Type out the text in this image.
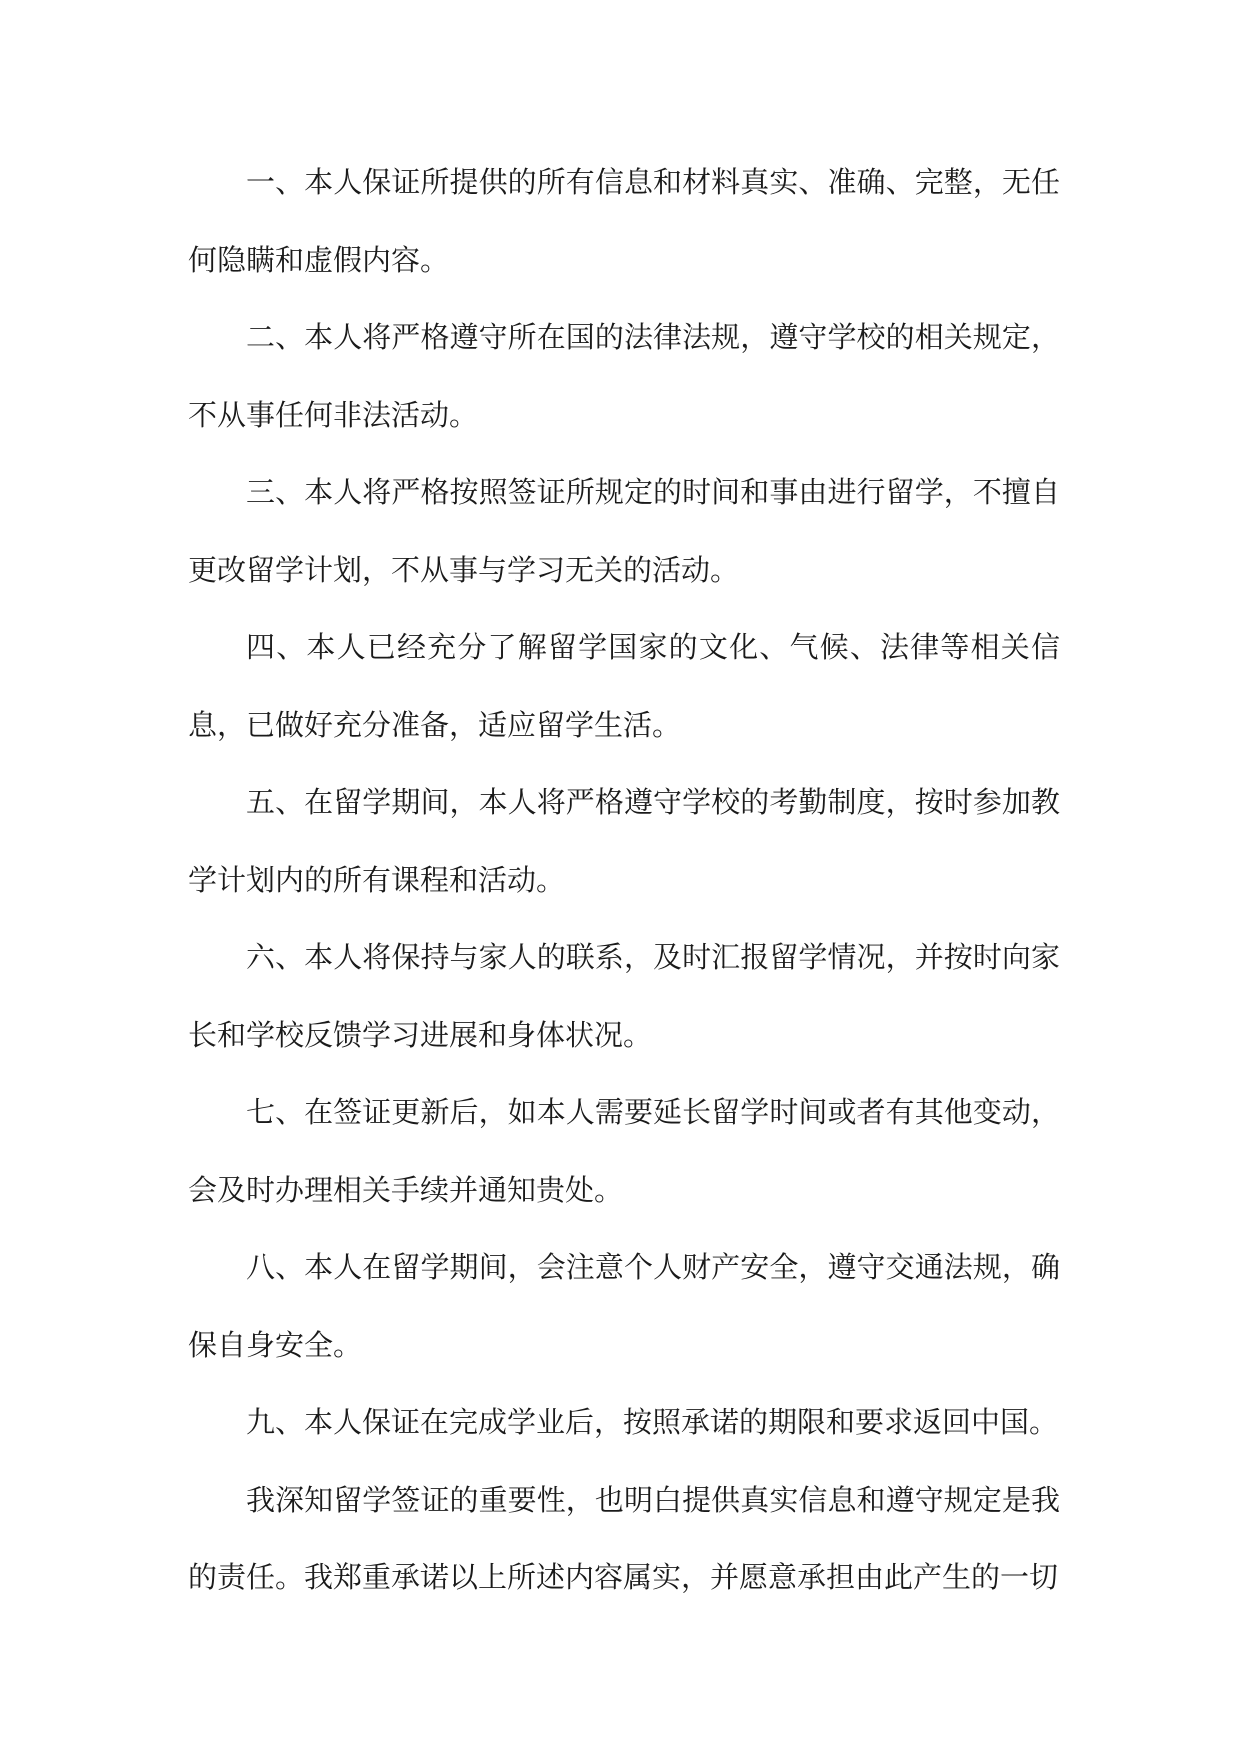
一、本人保证所提供的所有信息和材料真实、准确、完整，无任何隐瞒和虚假内容。

二、本人将严格遵守所在国的法律法规，遵守学校的相关规定，不从事任何非法活动。

三、本人将严格按照签证所规定的时间和事由进行留学，不擅自更改留学计划，不从事与学习无关的活动。

四、本人已经充分了解留学国家的文化、气候、法律等相关信息，已做好充分准备，适应留学生活。

五、在留学期间，本人将严格遵守学校的考勤制度，按时参加教学计划内的所有课程和活动。

六、本人将保持与家人的联系，及时汇报留学情况，并按时向家长和学校反馈学习进展和身体状况。

七、在签证更新后，如本人需要延长留学时间或者有其他变动，会及时办理相关手续并通知贵处。

八、本人在留学期间，会注意个人财产安全，遵守交通法规，确保自身安全。

九、本人保证在完成学业后，按照承诺的期限和要求返回中国。

我深知留学签证的重要性，也明白提供真实信息和遵守规定是我的责任。我郑重承诺以上所述内容属实，并愿意承担由此产生的一切
